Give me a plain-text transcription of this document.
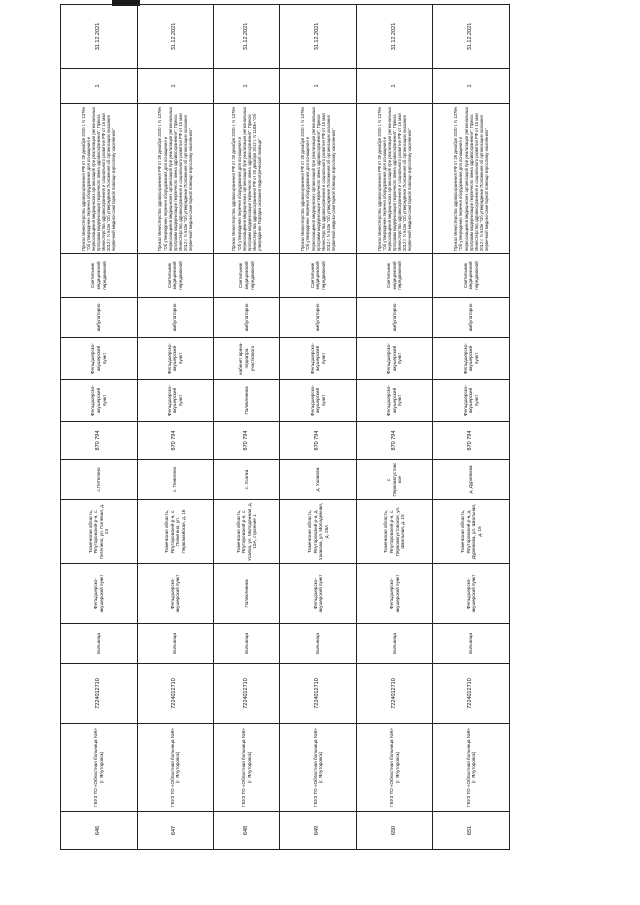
646	ГБУЗ ТО «Областная больница №9» (г. Ялуторовск)	7224012710	Больница	Фельдшерско-акушерский пункт	Тюменская область, Ялуторовский р-н, с. Петелино, ул. Полевая, д. 24	с.Петелино	870 794	Фельдшерско-акушерский пункт	Фельдшерско-акушерский пункт	амбулаторно	Светильник медицинский передвижной	Приказ Министерства здравоохранения РФ от 28 декабря 2020 г. N 1379н "Об утверждении перечня оборудования для оснащения и переоснащения медицинских организаций при реализации региональных программ модернизации первичного звена здравоохранения"; Приказ Министерства здравоохранения и социального развития РФ от 15 мая 2012 г. N 543н "Об утверждении Положения об организации оказания первичной медико-санитарной помощи взрослому населению"	1	31.12.2021
647	ГБУЗ ТО «Областная больница №9» (г. Ялуторовск)	7224012710	Больница	Фельдшерско-акушерский пункт	Тюменская область, Ялуторовский р-н, с. Пинигино, ул. Первомайская, д. 16	с. Пинигино	870 794	Фельдшерско-акушерский пункт	Фельдшерско-акушерский пункт	амбулаторно	Светильник медицинский передвижной	Приказ Министерства здравоохранения РФ от 28 декабря 2020 г. N 1379н "Об утверждении перечня оборудования для оснащения и переоснащения медицинских организаций при реализации региональных программ модернизации первичного звена здравоохранения"; Приказ Министерства здравоохранения и социального развития РФ от 15 мая 2012 г. N 543н "Об утверждении Положения об организации оказания первичной медико-санитарной помощи взрослому населению"	1	31.12.2021
648	ГБУЗ ТО «Областная больница №9» (г. Ялуторовск)	7224012710	Больница	Поликлиника	Тюменская область, Ялуторовский р-н, с. Усалка, ул. Молодежная, д. 10А, строение 1	с. Усалка	870 794	Поликлиника	кабинет врача-педиатра участкового	амбулаторно	Светильник медицинский передвижной	Приказ Министерства здравоохранения РФ от 28 декабря 2020 г. N 1379н "Об утверждении перечня оборудования для оснащения и переоснащения медицинских организаций при реализации региональных программ модернизации первичного звена здравоохранения"; Приказ Министерства здравоохранения РФ от 20 декабря 2012 г. N 1183н "Об утверждении Порядка оказания педиатрической помощи"	1	31.12.2021
649	ГБУЗ ТО «Областная больница №9» (г. Ялуторовск)	7224012710	Больница	Фельдшерско-акушерский пункт	Тюменская область, Ялуторовский р-н, д. Ушакова, ул. Молодежная, д. 26А	д. Ушакова	870 794	Фельдшерско-акушерский пункт	Фельдшерско-акушерский пункт	амбулаторно	Светильник медицинский передвижной	Приказ Министерства здравоохранения РФ от 28 декабря 2020 г. N 1379н "Об утверждении перечня оборудования для оснащения и переоснащения медицинских организаций при реализации региональных программ модернизации первичного звена здравоохранения"; Приказ Министерства здравоохранения и социального развития РФ от 15 мая 2012 г. N 543н "Об утверждении Положения об организации оказания первичной медико-санитарной помощи взрослому населению"	1	31.12.2021
650	ГБУЗ ТО «Областная больница №9» (г. Ялуторовск)	7224012710	Больница	Фельдшерско-акушерский пункт	Тюменская область, Ялуторовский р-н, с. Первоавгустовское, ул. Школьная, д. 15	с. Первоавгустовское	870 794	Фельдшерско-акушерский пункт	Фельдшерско-акушерский пункт	амбулаторно	Светильник медицинский передвижной	Приказ Министерства здравоохранения РФ от 28 декабря 2020 г. N 1379н "Об утверждении перечня оборудования для оснащения и переоснащения медицинских организаций при реализации региональных программ модернизации первичного звена здравоохранения"; Приказ Министерства здравоохранения и социального развития РФ от 15 мая 2012 г. N 543н "Об утверждении Положения об организации оказания первичной медико-санитарной помощи взрослому населению"	1	31.12.2021
651	ГБУЗ ТО «Областная больница №9» (г. Ялуторовск)	7224012710	Больница	Фельдшерско-акушерский пункт	Тюменская область, Ялуторовский р-н, д. Дурнякова, ул. Школьная, д. 15	д. Дурнякова	870 794	Фельдшерско-акушерский пункт	Фельдшерско-акушерский пункт	амбулаторно	Светильник медицинский передвижной	Приказ Министерства здравоохранения РФ от 28 декабря 2020 г. N 1379н "Об утверждении перечня оборудования для оснащения и переоснащения медицинских организаций при реализации региональных программ модернизации первичного звена здравоохранения"; Приказ Министерства здравоохранения и социального развития РФ от 15 мая 2012 г. N 543н "Об утверждении Положения об организации оказания первичной медико-санитарной помощи взрослому населению"	1	31.12.2021
